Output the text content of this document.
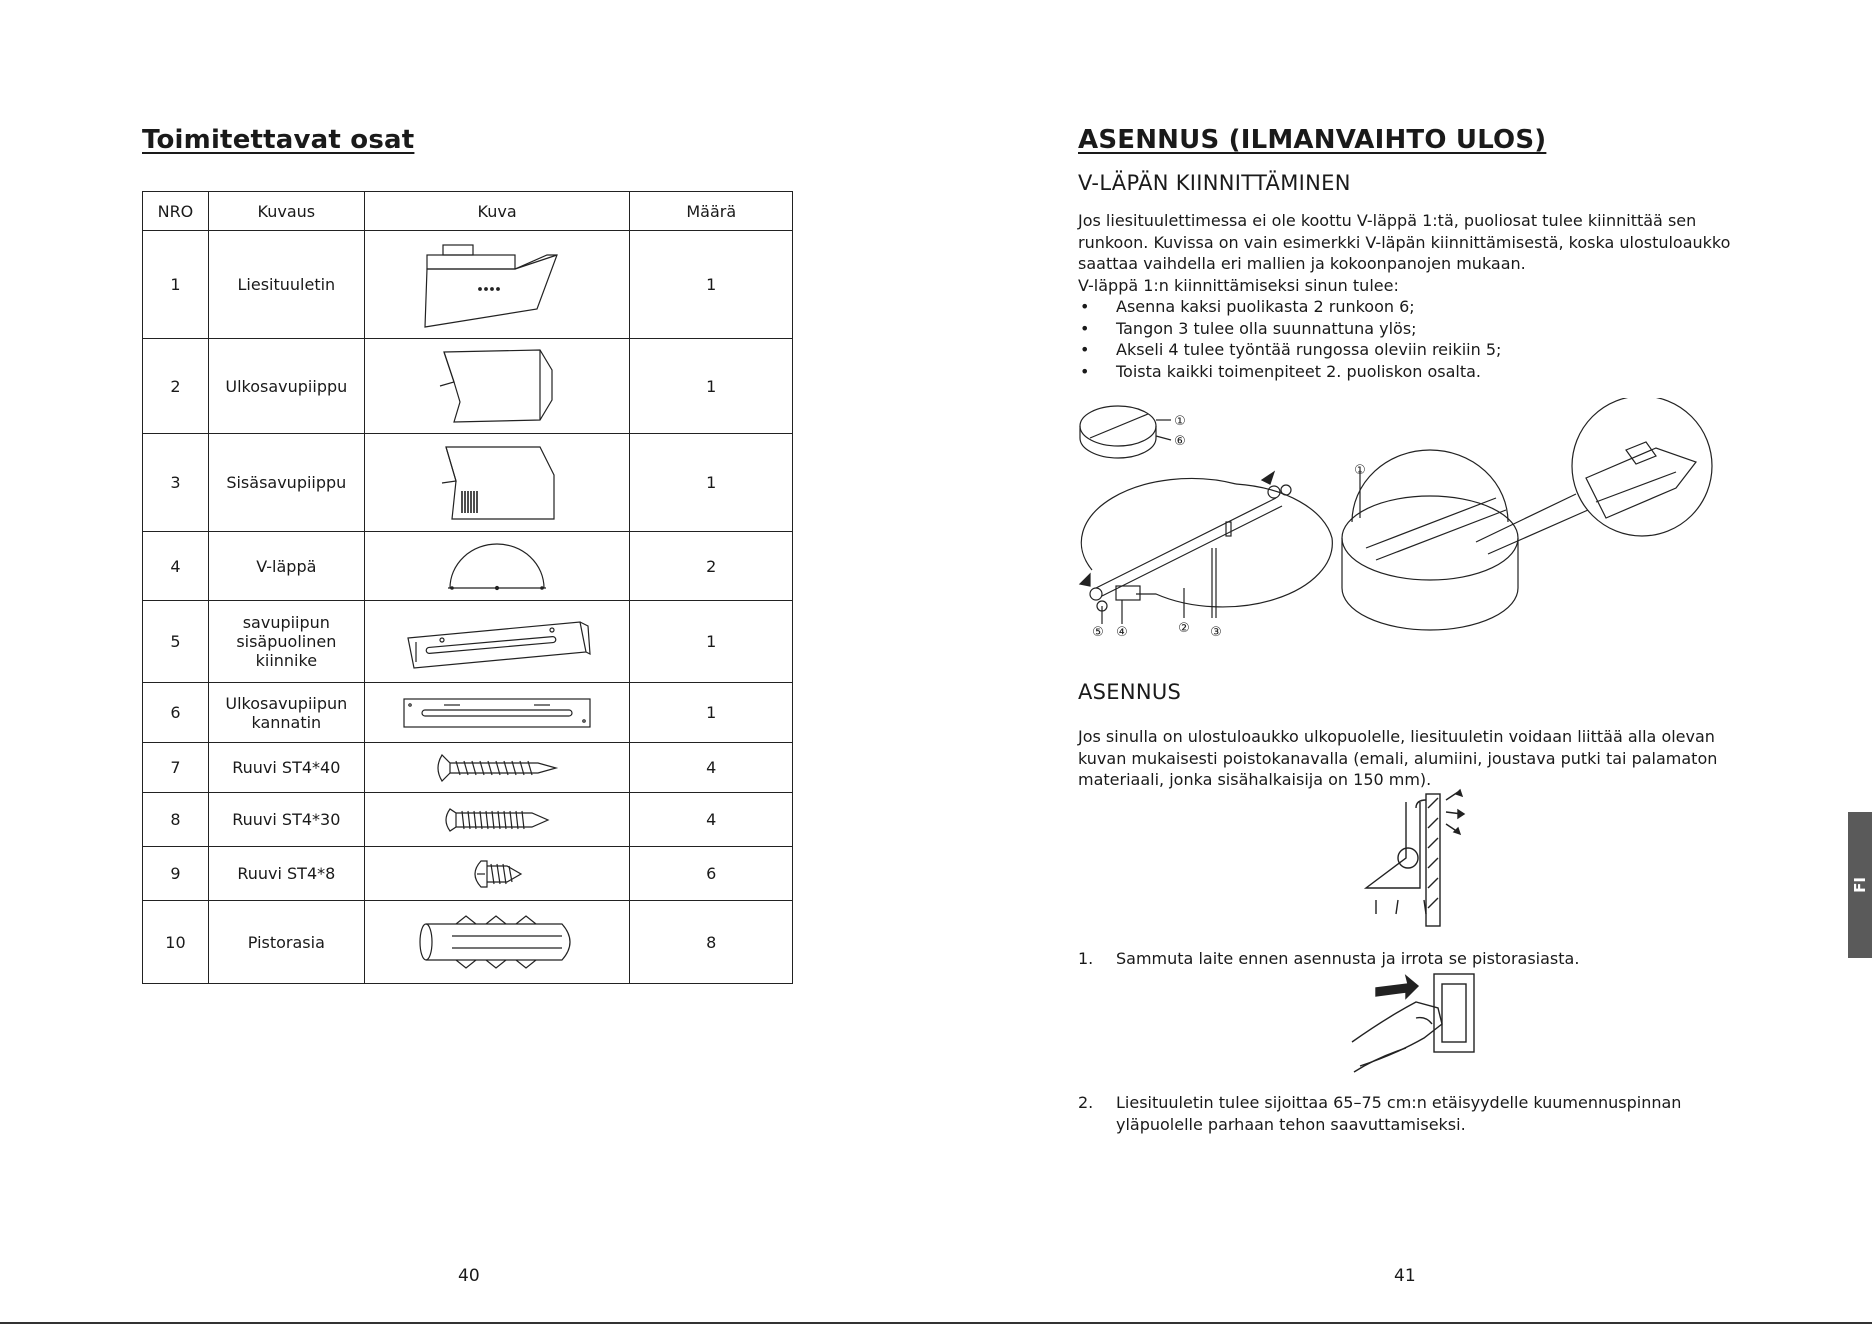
Toimitettavat osat
NRO	Kuvaus	Kuva	Määrä
1	Liesituuletin		1
2	Ulkosavupiippu		1
3	Sisäsavupiippu		1
4	V-läppä		2
5	savupiipun sisäpuolinen kiinnike		1
6	Ulkosavupiipun kannatin		1
7	Ruuvi ST4*40		4
8	Ruuvi ST4*30		4
9	Ruuvi ST4*8		6
10	Pistorasia		8
40
ASENNUS (ILMANVAIHTO ULOS)
V-LÄPÄN KIINNITTÄMINEN
Jos liesituulettimessa ei ole koottu V-läppä 1:tä, puoliosat tulee kiinnittää sen
runkoon. Kuvissa on vain esimerkki V-läpän kiinnittämisestä, koska ulostuloaukko
saattaa vaihdella eri mallien ja kokoonpanojen mukaan.
V-läppä 1:n kiinnittämiseksi sinun tulee:
• Asenna kaksi puolikasta 2 runkoon 6;
• Tangon 3 tulee olla suunnattuna ylös;
• Akseli 4 tulee työntää rungossa oleviin reikiin 5;
• Toista kaikki toimenpiteet 2. puoliskon osalta.
①
⑥
⑤ ④	② ③
①
ASENNUS
Jos sinulla on ulostuloaukko ulkopuolelle, liesituuletin voidaan liittää alla olevan
kuvan mukaisesti poistokanavalla (emali, alumiini, joustava putki tai palamaton
materiaali, jonka sisähalkaisija on 150 mm).
1. Sammuta laite ennen asennusta ja irrota se pistorasiasta.
2. Liesituuletin tulee sijoittaa 65–75 cm:n etäisyydelle kuumennuspinnan
yläpuolelle parhaan tehon saavuttamiseksi.
41
FI
